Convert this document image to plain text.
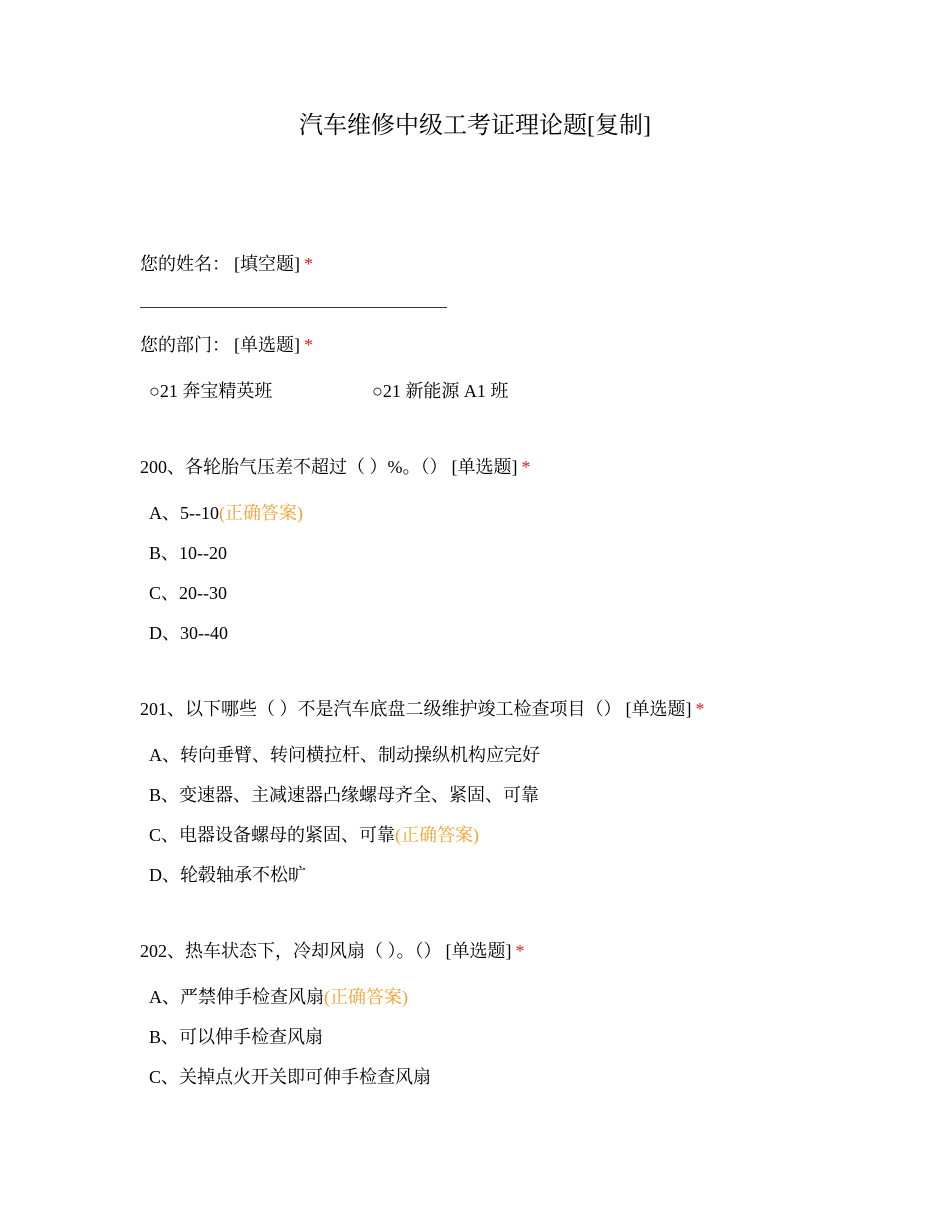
汽车维修中级工考证理论题[复制]
您的姓名： [填空题] *
您的部门： [单选题] *
○21 奔宝精英班	○21 新能源 A1 班
200、各轮胎气压差不超过（ ）%。（） [单选题] *
A、5--10(正确答案)
B、10--20
C、20--30
D、30--40
201、以下哪些（ ）不是汽车底盘二级维护竣工检查项目（） [单选题] *
A、转向垂臂、转问横拉杆、制动操纵机构应完好
B、变速器、主减速器凸缘螺母齐全、紧固、可靠
C、电器设备螺母的紧固、可靠(正确答案)
D、轮毂轴承不松旷
202、热车状态下，冷却风扇（ ）。（） [单选题] *
A、严禁伸手检查风扇(正确答案)
B、可以伸手检查风扇
C、关掉点火开关即可伸手检查风扇
